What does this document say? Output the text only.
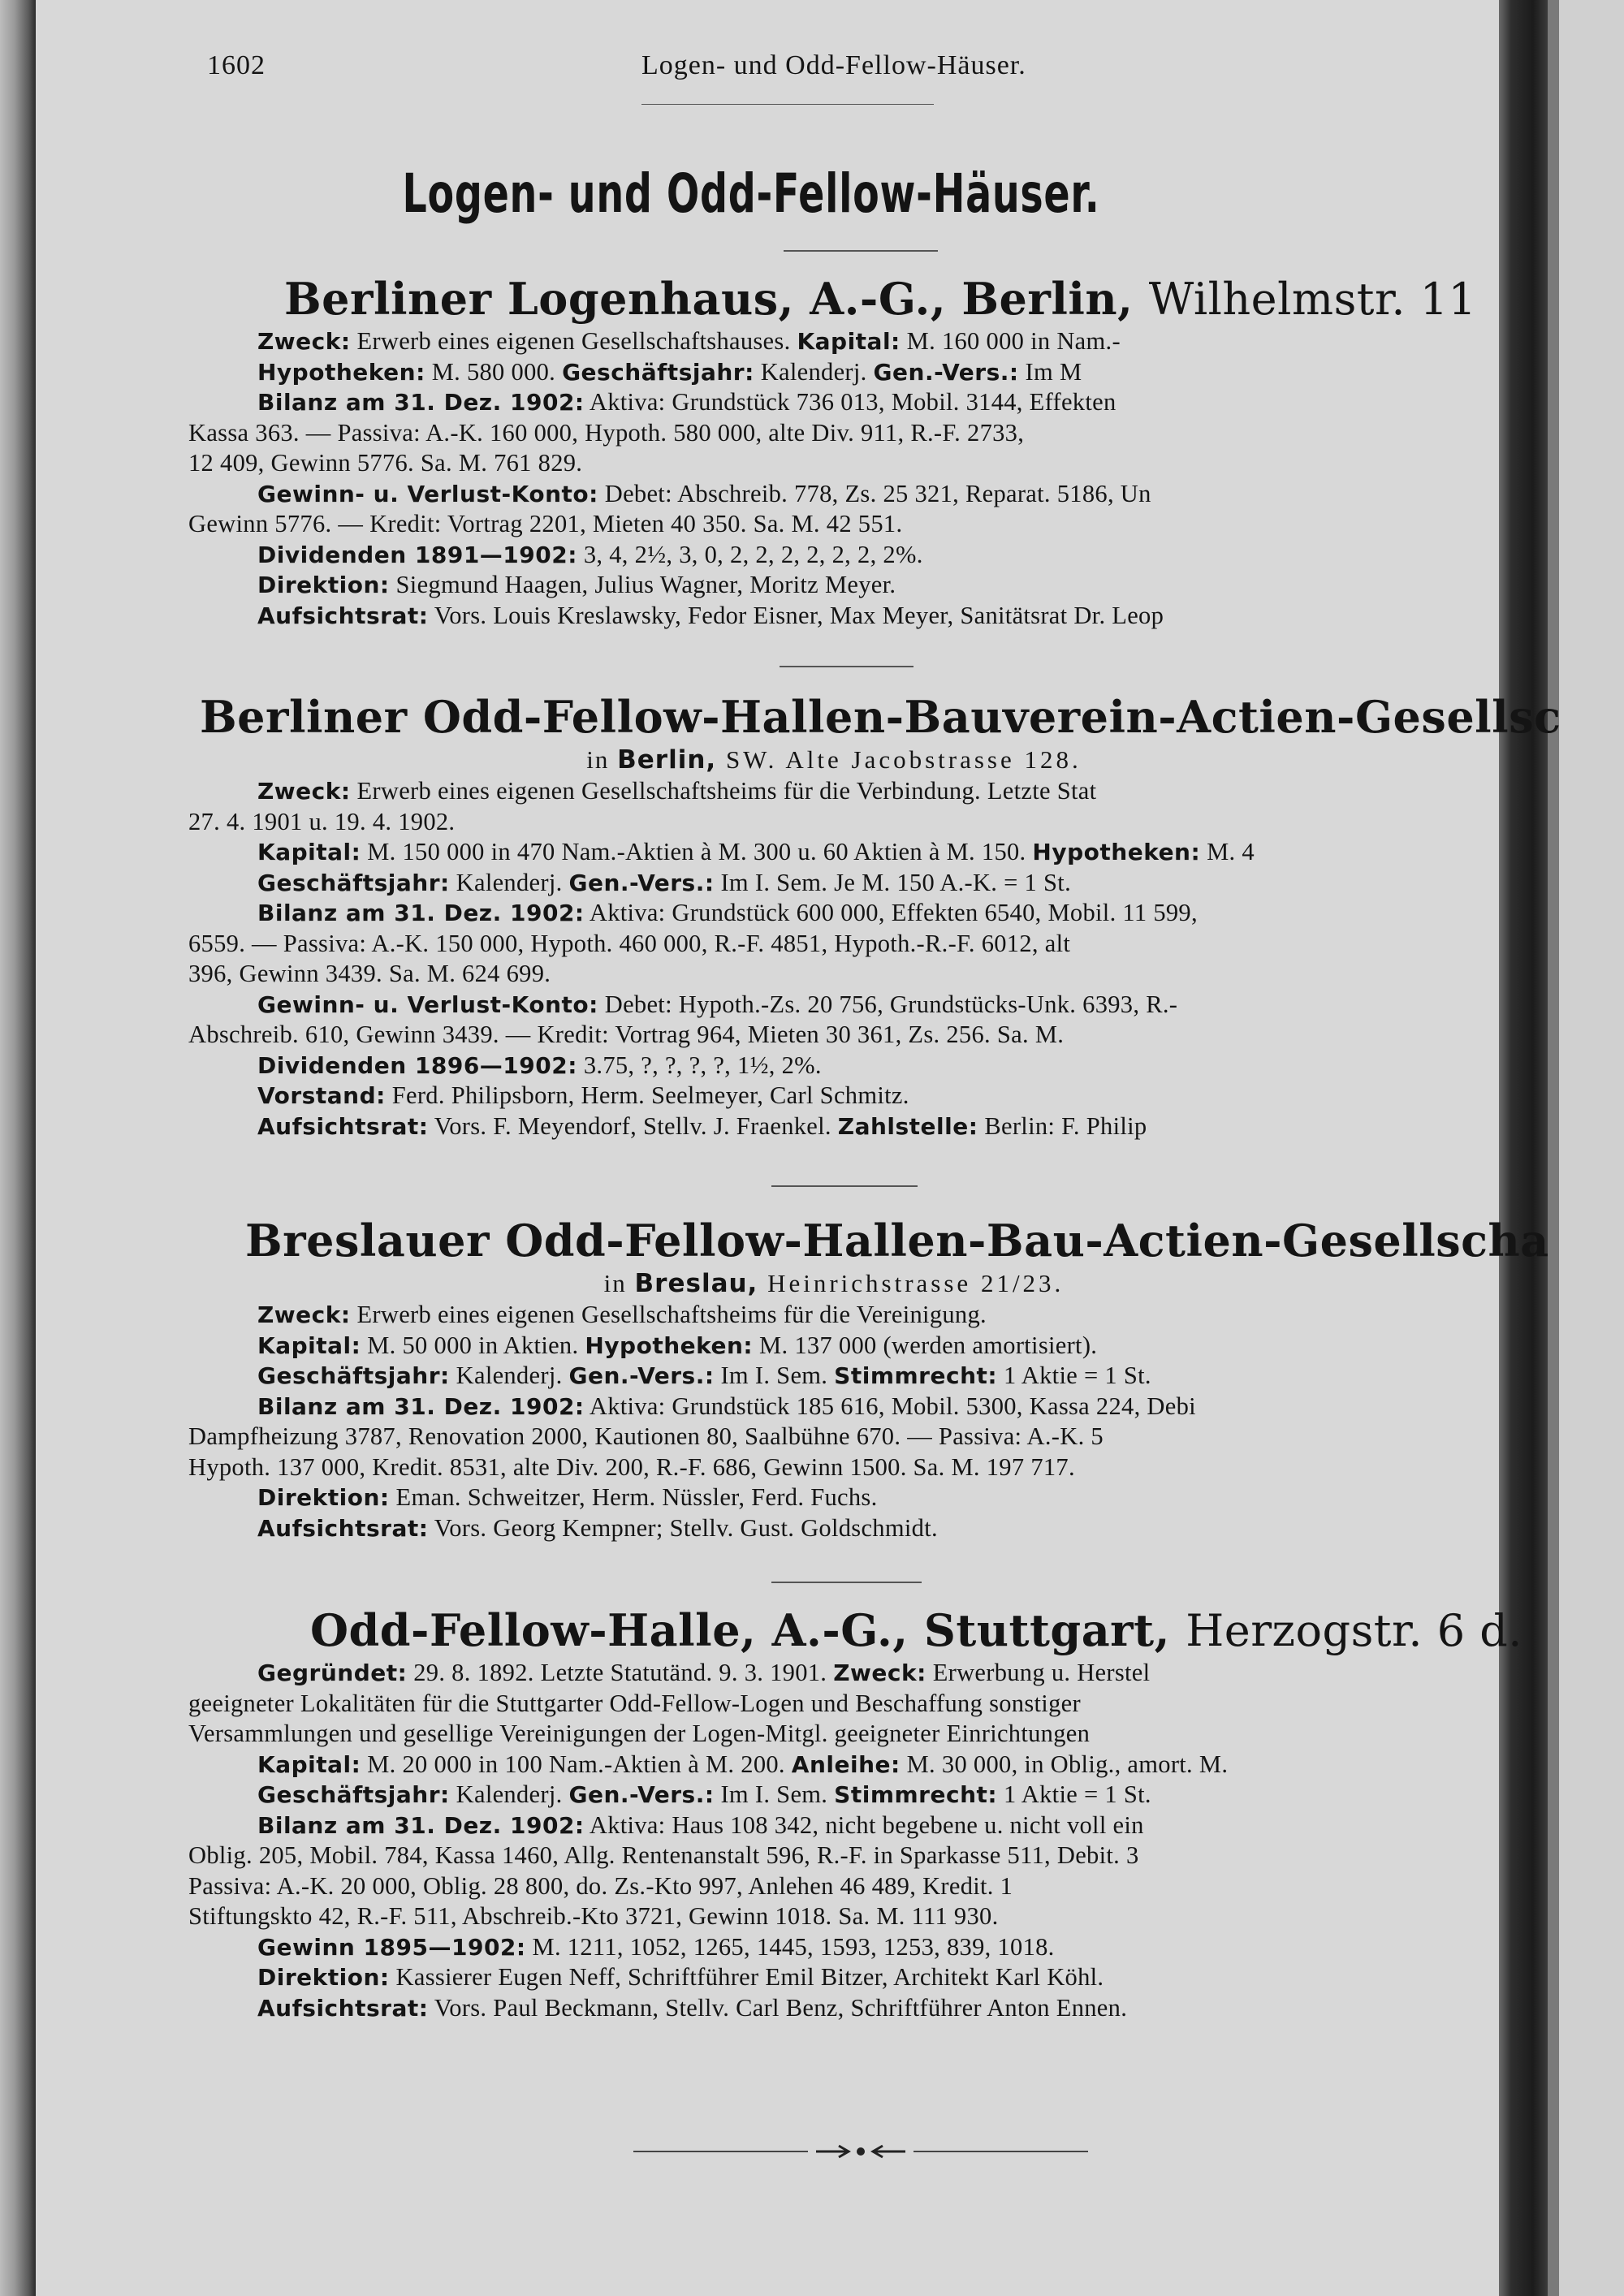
1602	Logen- und Odd-Fellow-Häuser.
Logen- und Odd-Fellow-Häuser.
Berliner Logenhaus, A.-G., Berlin, Wilhelmstr. 11
Zweck: Erwerb eines eigenen Gesellschaftshauses. Kapital: M. 160 000 in Nam.-
Hypotheken: M. 580 000. Geschäftsjahr: Kalenderj. Gen.-Vers.: Im M
Bilanz am 31. Dez. 1902: Aktiva: Grundstück 736 013, Mobil. 3144, Effekten
Kassa 363. — Passiva: A.-K. 160 000, Hypoth. 580 000, alte Div. 911, R.-F. 2733,
12 409, Gewinn 5776. Sa. M. 761 829.
Gewinn- u. Verlust-Konto: Debet: Abschreib. 778, Zs. 25 321, Reparat. 5186, Un
Gewinn 5776. — Kredit: Vortrag 2201, Mieten 40 350. Sa. M. 42 551.
Dividenden 1891—1902: 3, 4, 2½, 3, 0, 2, 2, 2, 2, 2, 2, 2%.
Direktion: Siegmund Haagen, Julius Wagner, Moritz Meyer.
Aufsichtsrat: Vors. Louis Kreslawsky, Fedor Eisner, Max Meyer, Sanitätsrat Dr. Leop
Berliner Odd-Fellow-Hallen-Bauverein-Actien-Gesellsc
in Berlin, SW. Alte Jacobstrasse 128.
Zweck: Erwerb eines eigenen Gesellschaftsheims für die Verbindung. Letzte Stat
27. 4. 1901 u. 19. 4. 1902.
Kapital: M. 150 000 in 470 Nam.-Aktien à M. 300 u. 60 Aktien à M. 150. Hypotheken: M. 4
Geschäftsjahr: Kalenderj. Gen.-Vers.: Im I. Sem. Je M. 150 A.-K. = 1 St.
Bilanz am 31. Dez. 1902: Aktiva: Grundstück 600 000, Effekten 6540, Mobil. 11 599,
6559. — Passiva: A.-K. 150 000, Hypoth. 460 000, R.-F. 4851, Hypoth.-R.-F. 6012, alt
396, Gewinn 3439. Sa. M. 624 699.
Gewinn- u. Verlust-Konto: Debet: Hypoth.-Zs. 20 756, Grundstücks-Unk. 6393, R.-
Abschreib. 610, Gewinn 3439. — Kredit: Vortrag 964, Mieten 30 361, Zs. 256. Sa. M.
Dividenden 1896—1902: 3.75, ?, ?, ?, ?, 1½, 2%.
Vorstand: Ferd. Philipsborn, Herm. Seelmeyer, Carl Schmitz.
Aufsichtsrat: Vors. F. Meyendorf, Stellv. J. Fraenkel. Zahlstelle: Berlin: F. Philip
Breslauer Odd-Fellow-Hallen-Bau-Actien-Gesellscha
in Breslau, Heinrichstrasse 21/23.
Zweck: Erwerb eines eigenen Gesellschaftsheims für die Vereinigung.
Kapital: M. 50 000 in Aktien. Hypotheken: M. 137 000 (werden amortisiert).
Geschäftsjahr: Kalenderj. Gen.-Vers.: Im I. Sem. Stimmrecht: 1 Aktie = 1 St.
Bilanz am 31. Dez. 1902: Aktiva: Grundstück 185 616, Mobil. 5300, Kassa 224, Debi
Dampfheizung 3787, Renovation 2000, Kautionen 80, Saalbühne 670. — Passiva: A.-K. 5
Hypoth. 137 000, Kredit. 8531, alte Div. 200, R.-F. 686, Gewinn 1500. Sa. M. 197 717.
Direktion: Eman. Schweitzer, Herm. Nüssler, Ferd. Fuchs.
Aufsichtsrat: Vors. Georg Kempner; Stellv. Gust. Goldschmidt.
Odd-Fellow-Halle, A.-G., Stuttgart, Herzogstr. 6 d.
Gegründet: 29. 8. 1892. Letzte Statutänd. 9. 3. 1901. Zweck: Erwerbung u. Herstel
geeigneter Lokalitäten für die Stuttgarter Odd-Fellow-Logen und Beschaffung sonstiger
Versammlungen und gesellige Vereinigungen der Logen-Mitgl. geeigneter Einrichtungen
Kapital: M. 20 000 in 100 Nam.-Aktien à M. 200. Anleihe: M. 30 000, in Oblig., amort. M.
Geschäftsjahr: Kalenderj. Gen.-Vers.: Im I. Sem. Stimmrecht: 1 Aktie = 1 St.
Bilanz am 31. Dez. 1902: Aktiva: Haus 108 342, nicht begebene u. nicht voll ein
Oblig. 205, Mobil. 784, Kassa 1460, Allg. Rentenanstalt 596, R.-F. in Sparkasse 511, Debit. 3
Passiva: A.-K. 20 000, Oblig. 28 800, do. Zs.-Kto 997, Anlehen 46 489, Kredit. 1
Stiftungskto 42, R.-F. 511, Abschreib.-Kto 3721, Gewinn 1018. Sa. M. 111 930.
Gewinn 1895—1902: M. 1211, 1052, 1265, 1445, 1593, 1253, 839, 1018.
Direktion: Kassierer Eugen Neff, Schriftführer Emil Bitzer, Architekt Karl Köhl.
Aufsichtsrat: Vors. Paul Beckmann, Stellv. Carl Benz, Schriftführer Anton Ennen.
